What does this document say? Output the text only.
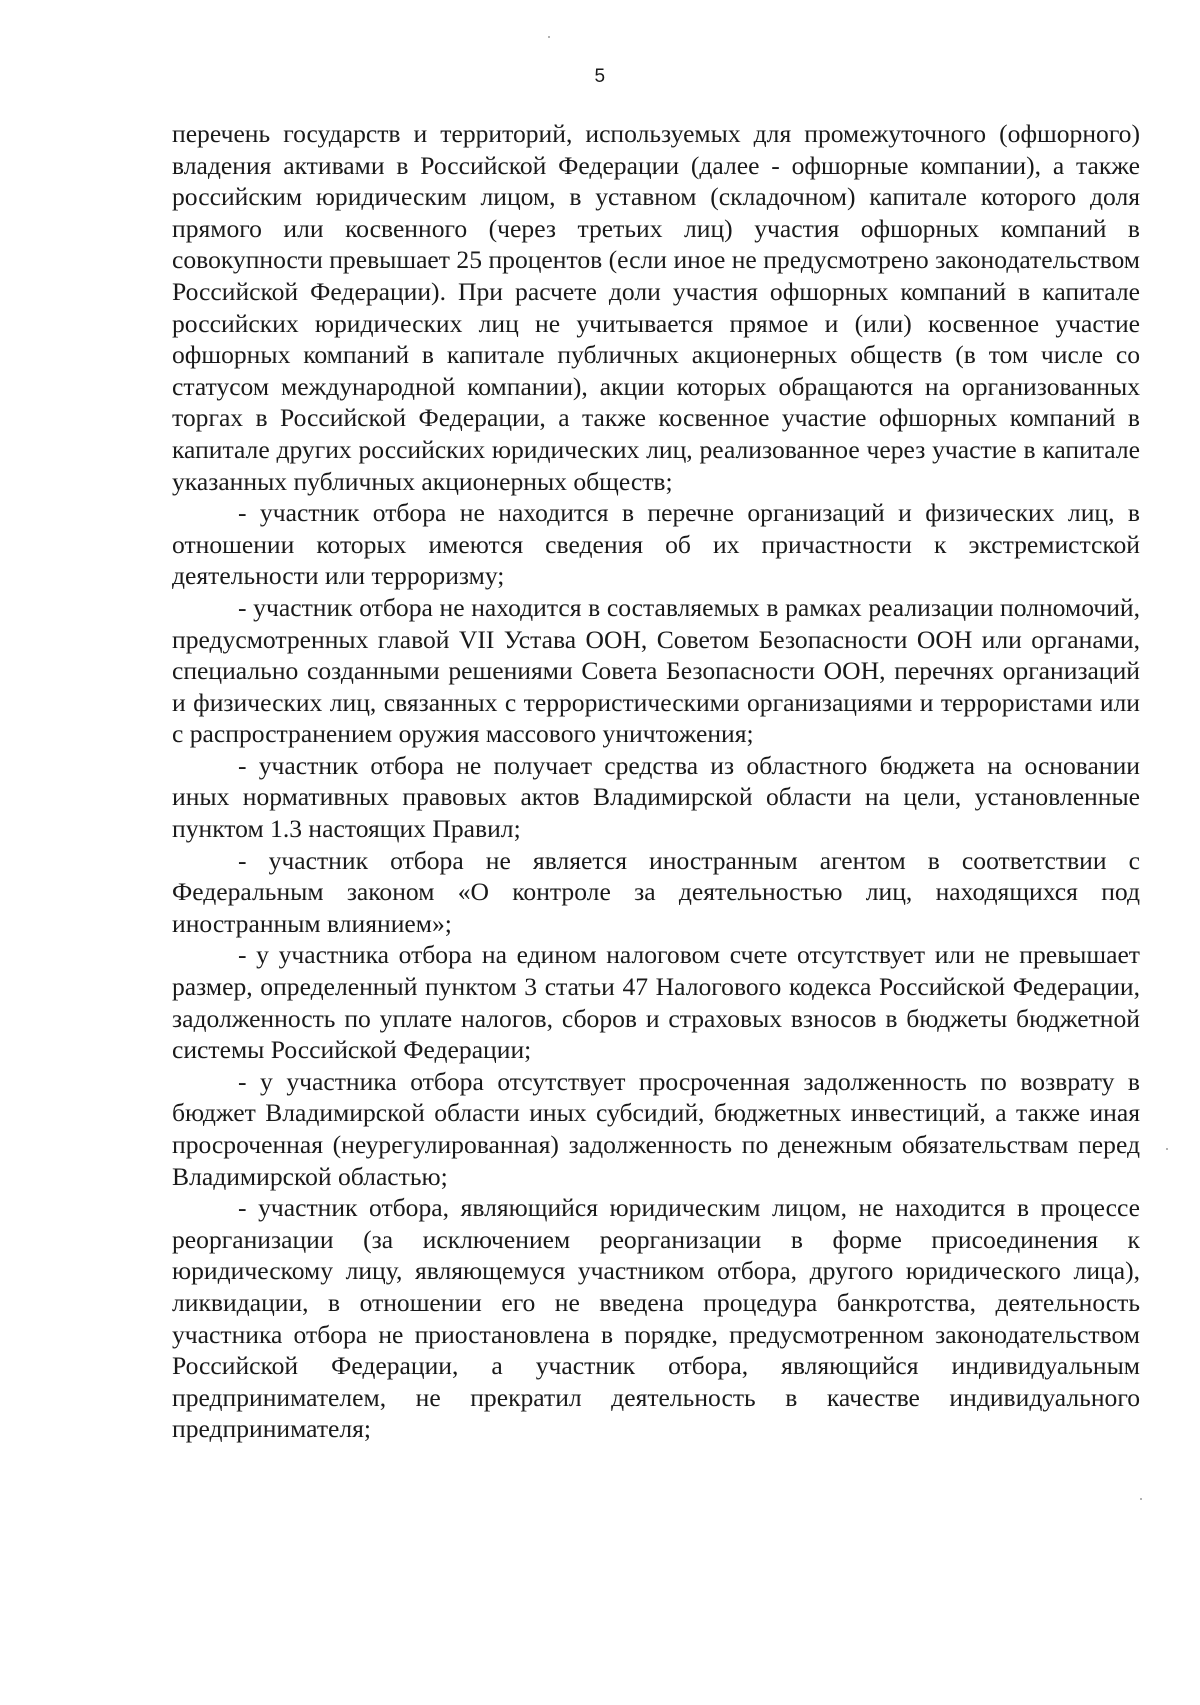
5

перечень государств и территорий, используемых для промежуточного (офшорного) владения активами в Российской Федерации (далее - офшорные компании), а также российским юридическим лицом, в уставном (складочном) капитале которого доля прямого или косвенного (через третьих лиц) участия офшорных компаний в совокупности превышает 25 процентов (если иное не предусмотрено законодательством Российской Федерации). При расчете доли участия офшорных компаний в капитале российских юридических лиц не учитывается прямое и (или) косвенное участие офшорных компаний в капитале публичных акционерных обществ (в том числе со статусом международной компании), акции которых обращаются на организованных торгах в Российской Федерации, а также косвенное участие офшорных компаний в капитале других российских юридических лиц, реализованное через участие в капитале указанных публичных акционерных обществ;

- участник отбора не находится в перечне организаций и физических лиц, в отношении которых имеются сведения об их причастности к экстремистской деятельности или терроризму;

- участник отбора не находится в составляемых в рамках реализации полномочий, предусмотренных главой VII Устава ООН, Советом Безопасности ООН или органами, специально созданными решениями Совета Безопасности ООН, перечнях организаций и физических лиц, связанных с террористическими организациями и террористами или с распространением оружия массового уничтожения;

- участник отбора не получает средства из областного бюджета на основании иных нормативных правовых актов Владимирской области на цели, установленные пунктом 1.3 настоящих Правил;

- участник отбора не является иностранным агентом в соответствии с Федеральным законом «О контроле за деятельностью лиц, находящихся под иностранным влиянием»;

- у участника отбора на едином налоговом счете отсутствует или не превышает размер, определенный пунктом 3 статьи 47 Налогового кодекса Российской Федерации, задолженность по уплате налогов, сборов и страховых взносов в бюджеты бюджетной системы Российской Федерации;

- у участника отбора отсутствует просроченная задолженность по возврату в бюджет Владимирской области иных субсидий, бюджетных инвестиций, а также иная просроченная (неурегулированная) задолженность по денежным обязательствам перед Владимирской областью;

- участник отбора, являющийся юридическим лицом, не находится в процессе реорганизации (за исключением реорганизации в форме присоединения к юридическому лицу, являющемуся участником отбора, другого юридического лица), ликвидации, в отношении его не введена процедура банкротства, деятельность участника отбора не приостановлена в порядке, предусмотренном законодательством Российской Федерации, а участник отбора, являющийся индивидуальным предпринимателем, не прекратил деятельность в качестве индивидуального предпринимателя;
